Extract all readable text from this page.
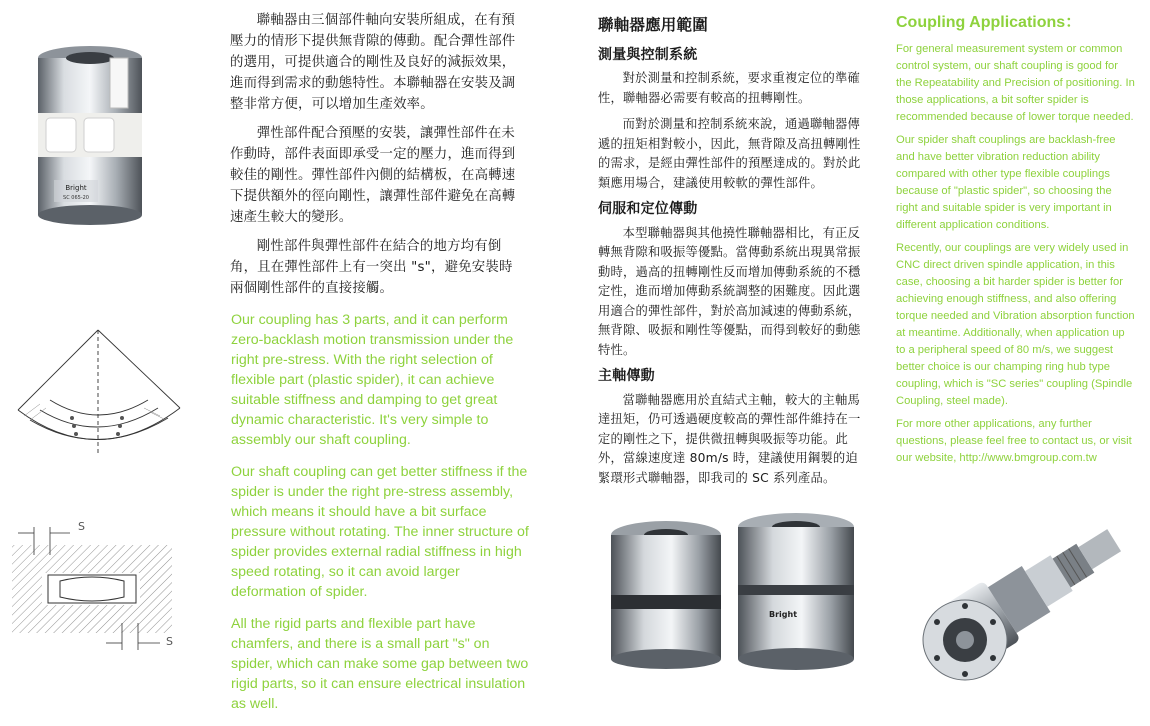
Bright
SC 065-20
S
S

聯軸器由三個部件軸向安裝所組成，在有預壓力的情形下提供無背隙的傳動。配合彈性部件的選用，可提供適合的剛性及良好的減振效果，進而得到需求的動態特性。本聯軸器在安裝及調整非常方便，可以增加生產效率。

彈性部件配合預壓的安裝，讓彈性部件在未作動時，部件表面即承受一定的壓力，進而得到較佳的剛性。彈性部件內側的結構板，在高轉速下提供額外的徑向剛性，讓彈性部件避免在高轉速產生較大的變形。

剛性部件與彈性部件在結合的地方均有倒角，且在彈性部件上有一突出 "s"，避免安裝時兩個剛性部件的直接接觸。

Our coupling has 3 parts, and it can perform zero-backlash motion transmission under the right pre-stress. With the right selection of flexible part (plastic spider), it can achieve suitable stiffness and damping to get great dynamic characteristic. It's very simple to assembly our shaft coupling.

Our shaft coupling can get better stiffness if the spider is under the right pre-stress assembly, which means it should have a bit surface pressure without rotating. The inner structure of spider provides external radial stiffness in high speed rotating, so it can avoid larger deformation of spider.

All the rigid parts and flexible part have chamfers, and there is a small part "s" on spider, which can make some gap between two rigid parts, so it can ensure electrical insulation as well.

聯軸器應用範圍
測量與控制系統

對於測量和控制系統，要求重複定位的準確性，聯軸器必需要有較高的扭轉剛性。

而對於測量和控制系統來說，通過聯軸器傳遞的扭矩相對較小，因此，無背隙及高扭轉剛性的需求，是經由彈性部件的預壓達成的。對於此類應用場合，建議使用較軟的彈性部件。

伺服和定位傳動

本型聯軸器與其他撓性聯軸器相比，有正反轉無背隙和吸振等優點。當傳動系統出現異常振動時，過高的扭轉剛性反而增加傳動系統的不穩定性，進而增加傳動系統調整的困難度。因此選用適合的彈性部件，對於高加減速的傳動系統，無背隙、吸振和剛性等優點，而得到較好的動態特性。

主軸傳動

當聯軸器應用於直結式主軸，較大的主軸馬達扭矩，仍可透過硬度較高的彈性部件維持在一定的剛性之下，提供微扭轉與吸振等功能。此外，當線速度達 80m/s 時，建議使用鋼製的迫緊環形式聯軸器，即我司的 SC 系列產品。

Coupling Applications：

For general measurement system or common control system, our shaft coupling is good for the Repeatability and Precision of positioning. In those applications, a bit softer spider is recommended because of lower torque needed.

Our spider shaft couplings are backlash-free and have better vibration reduction ability compared with other type flexible couplings because of "plastic spider", so choosing the right and suitable spider is very important in different application conditions.

Recently, our couplings are very widely used in CNC direct driven spindle application, in this case, choosing a bit harder spider is better for achieving enough stiffness, and also offering torque needed and Vibration absorption function at meantime. Additionally, when application up to a peripheral speed of 80 m/s, we suggest better choice is our champing ring hub type coupling, which is "SC series" coupling (Spindle Coupling, steel made).

For more other applications, any further questions, please feel free to contact us, or visit our website, http://www.bmgroup.com.tw

Bright
